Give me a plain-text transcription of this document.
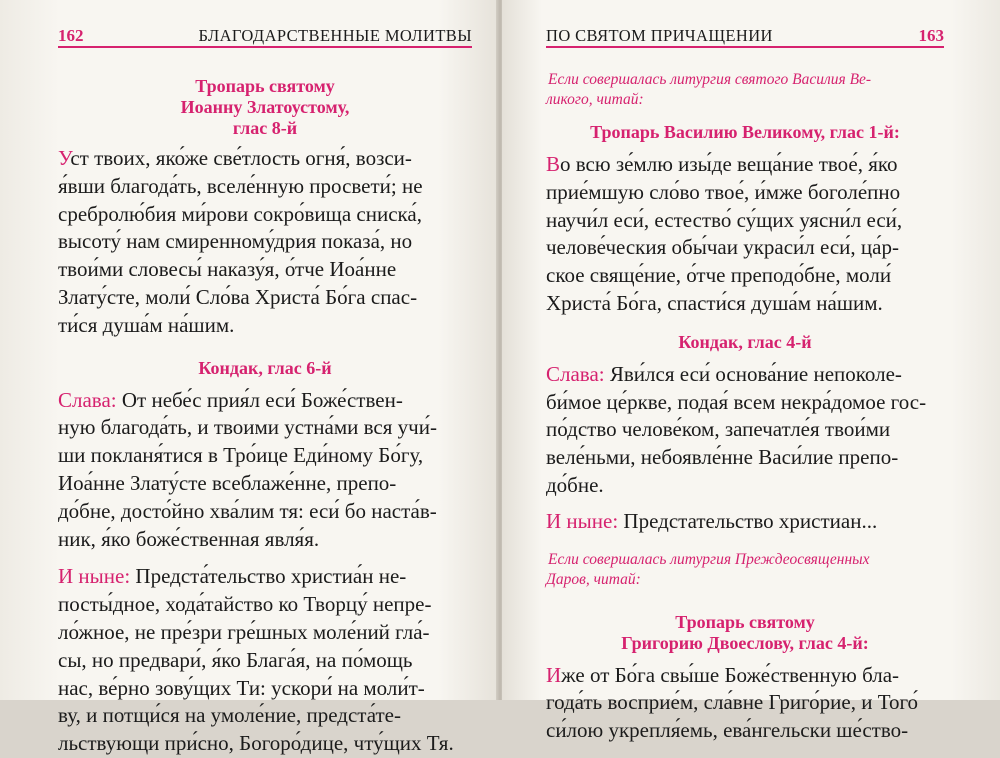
162	БЛАГОДАРСТВЕННЫЕ МОЛИТВЫ

Тропарь святому
Иоанну Златоустому,
глас 8-й

Уст твоих, яко́же све́тлость огня́, возси-
я́вши благода́ть, вселе́нную просвети́; не
сребролю́бия ми́рови сокро́вища сниска́,
высоту́ нам смиренному́дрия показа́, но
твои́ми словесы́ наказу́я, о́тче Иоа́нне
Злату́сте, моли́ Сло́ва Христа́ Бо́га спас-
ти́ся душа́м на́шим.

Кондак, глас 6-й

Слава: От небе́с прия́л еси́ Боже́ствен-
ную благода́ть, и твоими устна́ми вся учи́-
ши покланя́тися в Тро́ице Еди́ному Бо́гу,
Иоа́нне Злату́сте всеблаже́нне, препо-
до́бне, досто́йно хва́лим тя: еси́ бо наста́в-
ник, я́ко боже́ственная явля́я.

И ныне: Предста́тельство христиа́н не-
посты́дное, хода́тайство ко Творцу́ непре-
ло́жное, не пре́зри гре́шных моле́ний гла́-
сы, но предвари́, я́ко Блага́я, на по́мощь
нас, ве́рно зову́щих Ти: ускори́ на моли́т-
ву, и потщи́ся на умоле́ние, предста́те-
льствующи при́сно, Богоро́дице, чту́щих Тя.

ПО СВЯТОМ ПРИЧАЩЕНИИ	163

Если совершалась литургия святого Василия Ве-
ликого, читай:

Тропарь Василию Великому, глас 1-й:

Во всю зе́млю изы́де веща́ние твое́, я́ко
прие́мшую сло́во твое́, и́мже боголе́пно
научи́л еси́, естество́ су́щих уясни́л еси́,
челове́ческия обы́чаи украси́л еси́, ца́р-
ское свяще́ние, о́тче преподо́бне, моли́
Христа́ Бо́га, спасти́ся душа́м на́шим.

Кондак, глас 4-й

Слава: Яви́лся еси́ основа́ние непоколе-
би́мое це́ркве, подая́ всем некра́домое гос-
по́дство челове́ком, запечатле́я твои́ми
веле́ньми, небоявле́нне Васи́лие препо-
до́бне.

И ныне: Предстательство христиан...

Если совершалась литургия Преждеосвященных
Даров, читай:

Тропарь святому
Григорию Двоеслову, глас 4-й:

Иже от Бо́га свы́ше Боже́ственную бла-
года́ть восприе́м, сла́вне Григо́рие, и Того́
си́лою укрепля́емь, ева́нгельски ше́ство-
